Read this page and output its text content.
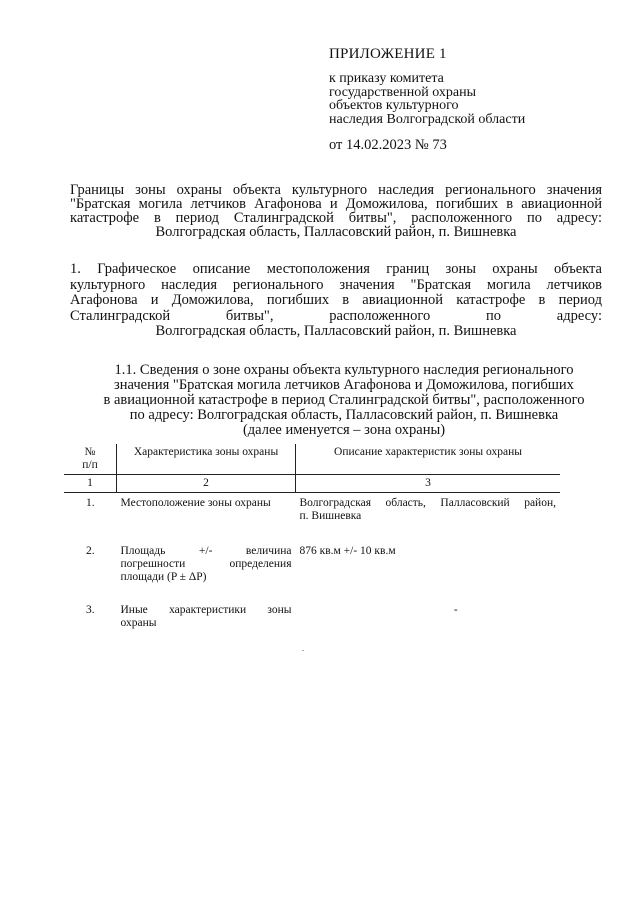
ПРИЛОЖЕНИЕ 1
к приказу комитета
государственной охраны
объектов культурного
наследия Волгоградской области
от 14.02.2023 № 73
Границы зоны охраны объекта культурного наследия регионального значения
"Братская могила летчиков Агафонова и Доможилова, погибших в авиационной
катастрофе в период Сталинградской битвы", расположенного по адресу:
Волгоградская область, Палласовский район, п. Вишневка
1. Графическое описание местоположения границ зоны охраны объекта
культурного наследия регионального значения "Братская могила летчиков
Агафонова и Доможилова, погибших в авиационной катастрофе в период
Сталинградской битвы", расположенного по адресу:
Волгоградская область, Палласовский район, п. Вишневка
1.1. Сведения о зоне охраны объекта культурного наследия регионального
значения "Братская могила летчиков Агафонова и Доможилова, погибших
в авиационной катастрофе в период Сталинградской битвы", расположенного
по адресу: Волгоградская область, Палласовский район, п. Вишневка
(далее именуется – зона охраны)
№
п/п	Характеристика зоны охраны	Описание характеристик зоны охраны
1	2	3
1.	Местоположение зоны охраны	Волгоградская область, Палласовский район,
п. Вишневка

2.	Площадь +/- величина
погрешности определения
площади (P ± ΔP)	876 кв.м +/- 10 кв.м
3.	Иные характеристики зоны
охраны	-
